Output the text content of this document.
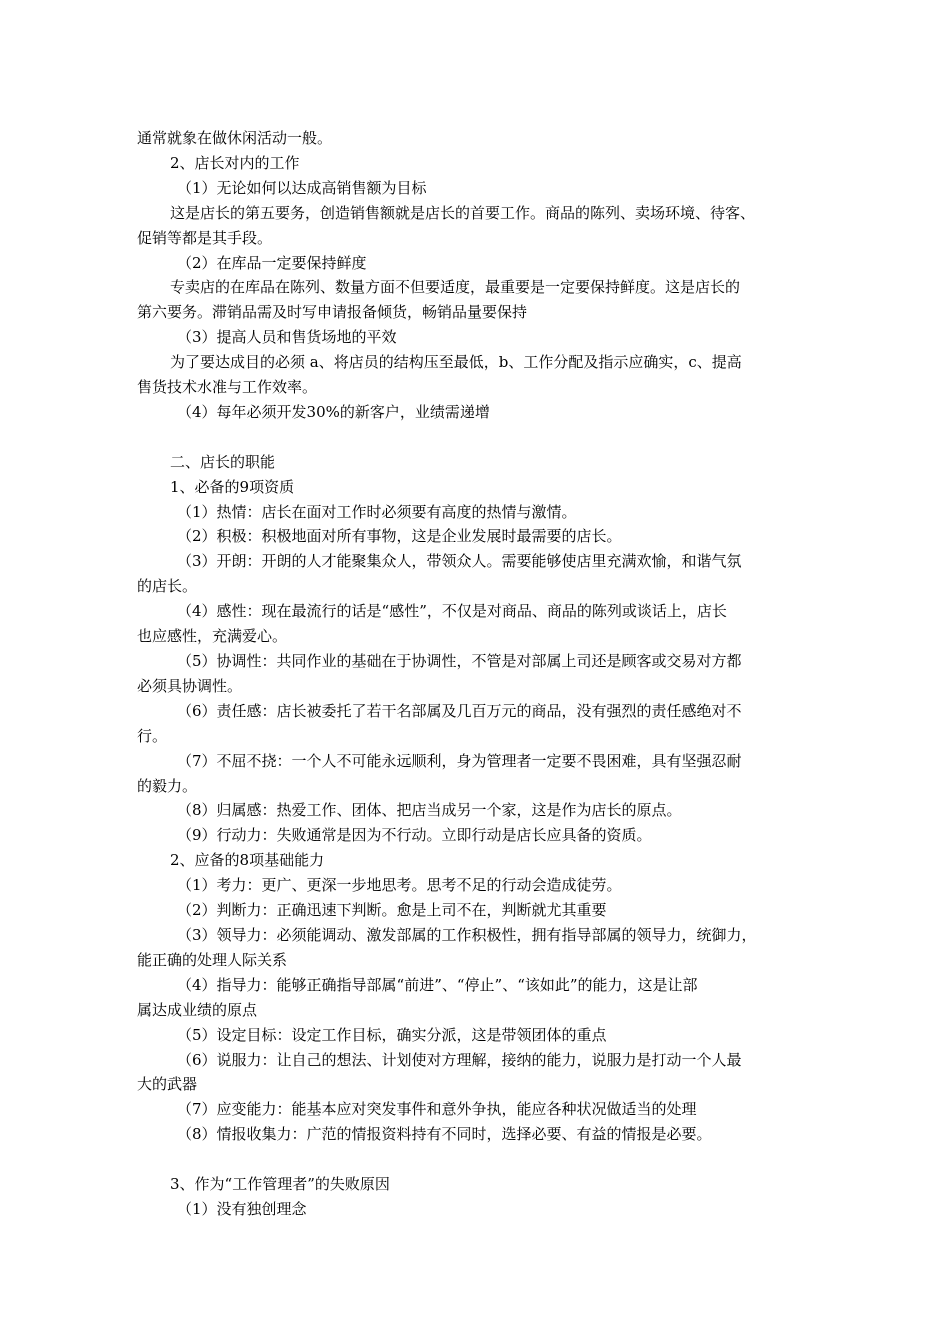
通常就象在做休闲活动一般。

2、店长对内的工作

（1）无论如何以达成高销售额为目标

这是店长的第五要务，创造销售额就是店长的首要工作。商品的陈列、卖场环境、待客、

促销等都是其手段。

（2）在库品一定要保持鲜度

专卖店的在库品在陈列、数量方面不但要适度，最重要是一定要保持鲜度。这是店长的

第六要务。滞销品需及时写申请报备倾货，畅销品量要保持

（3）提高人员和售货场地的平效

为了要达成目的必须 a、将店员的结构压至最低，b、工作分配及指示应确实，c、提高

售货技术水准与工作效率。

（4）每年必须开发30%的新客户，业绩需递增

二、店长的职能

1、必备的9项资质

（1）热情：店长在面对工作时必须要有高度的热情与激情。

（2）积极：积极地面对所有事物，这是企业发展时最需要的店长。

（3）开朗：开朗的人才能聚集众人，带领众人。需要能够使店里充满欢愉，和谐气氛

的店长。

（4）感性：现在最流行的话是“感性”，不仅是对商品、商品的陈列或谈话上，店长

也应感性，充满爱心。

（5）协调性：共同作业的基础在于协调性，不管是对部属上司还是顾客或交易对方都

必须具协调性。

（6）责任感：店长被委托了若干名部属及几百万元的商品，没有强烈的责任感绝对不

行。

（7）不屈不挠：一个人不可能永远顺利，身为管理者一定要不畏困难，具有坚强忍耐

的毅力。

（8）归属感：热爱工作、团体、把店当成另一个家，这是作为店长的原点。

（9）行动力：失败通常是因为不行动。立即行动是店长应具备的资质。

2、应备的8项基础能力

（1）考力：更广、更深一步地思考。思考不足的行动会造成徒劳。

（2）判断力：正确迅速下判断。愈是上司不在，判断就尤其重要

（3）领导力：必须能调动、激发部属的工作积极性，拥有指导部属的领导力，统御力，

能正确的处理人际关系

（4）指导力：能够正确指导部属“前进”、“停止”、“该如此”的能力，这是让部

属达成业绩的原点

（5）设定目标：设定工作目标，确实分派，这是带领团体的重点

（6）说服力：让自己的想法、计划使对方理解，接纳的能力，说服力是打动一个人最

大的武器

（7）应变能力：能基本应对突发事件和意外争执，能应各种状况做适当的处理

（8）情报收集力：广范的情报资料持有不同时，选择必要、有益的情报是必要。

3、作为“工作管理者”的失败原因

（1）没有独创理念
